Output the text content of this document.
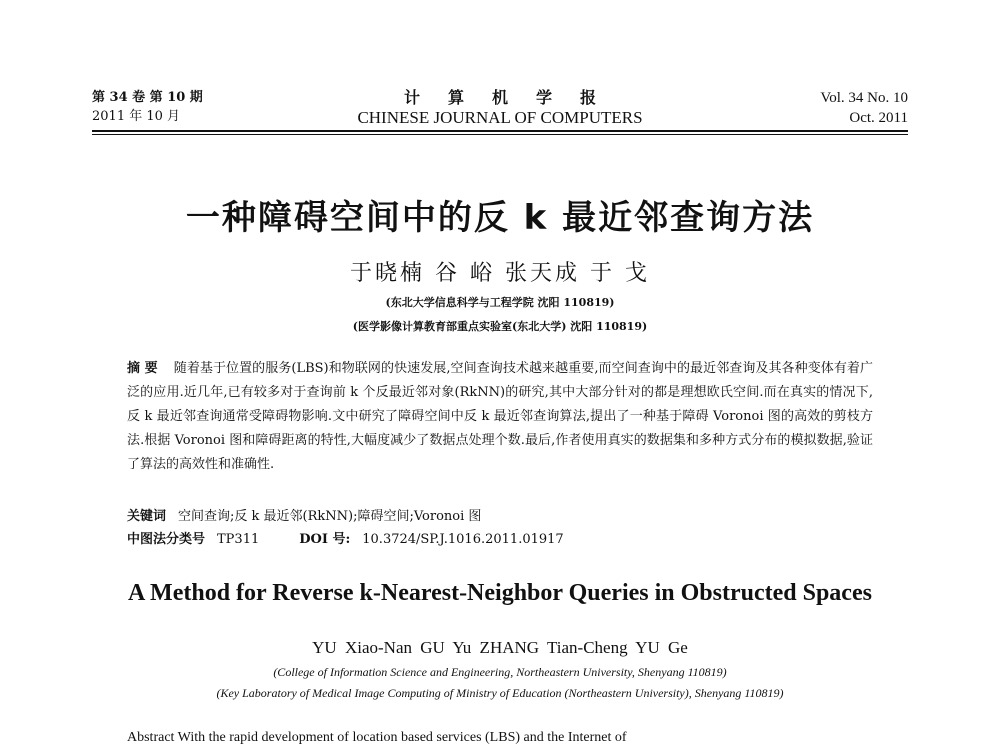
第 34 卷 第 10 期
2011 年 10 月
计算机学报
CHINESE JOURNAL OF COMPUTERS
Vol. 34 No. 10
Oct. 2011
一种障碍空间中的反 k 最近邻查询方法
于晓楠 谷 峪 张天成 于 戈
(东北大学信息科学与工程学院 沈阳 110819)
(医学影像计算教育部重点实验室(东北大学) 沈阳 110819)
摘 要 随着基于位置的服务(LBS)和物联网的快速发展,空间查询技术越来越重要,而空间查询中的最近邻查询及其各种变体有着广泛的应用.近几年,已有较多对于查询前 k 个反最近邻对象(RkNN)的研究,其中大部分针对的都是理想欧氏空间.而在真实的情况下,反 k 最近邻查询通常受障碍物影响.文中研究了障碍空间中反 k 最近邻查询算法,提出了一种基于障碍 Voronoi 图的高效的剪枝方法.根据 Voronoi 图和障碍距离的特性,大幅度减少了数据点处理个数.最后,作者使用真实的数据集和多种方式分布的模拟数据,验证了算法的高效性和准确性.
关键词 空间查询;反 k 最近邻(RkNN);障碍空间;Voronoi 图
中图法分类号 TP311	DOI 号: 10.3724/SP.J.1016.2011.01917
A Method for Reverse k-Nearest-Neighbor Queries in Obstructed Spaces
YU Xiao-Nan GU Yu ZHANG Tian-Cheng YU Ge
(College of Information Science and Engineering, Northeastern University, Shenyang 110819)
(Key Laboratory of Medical Image Computing of Ministry of Education (Northeastern University), Shenyang 110819)
Abstract With the rapid development of location based services (LBS) and the Internet of
